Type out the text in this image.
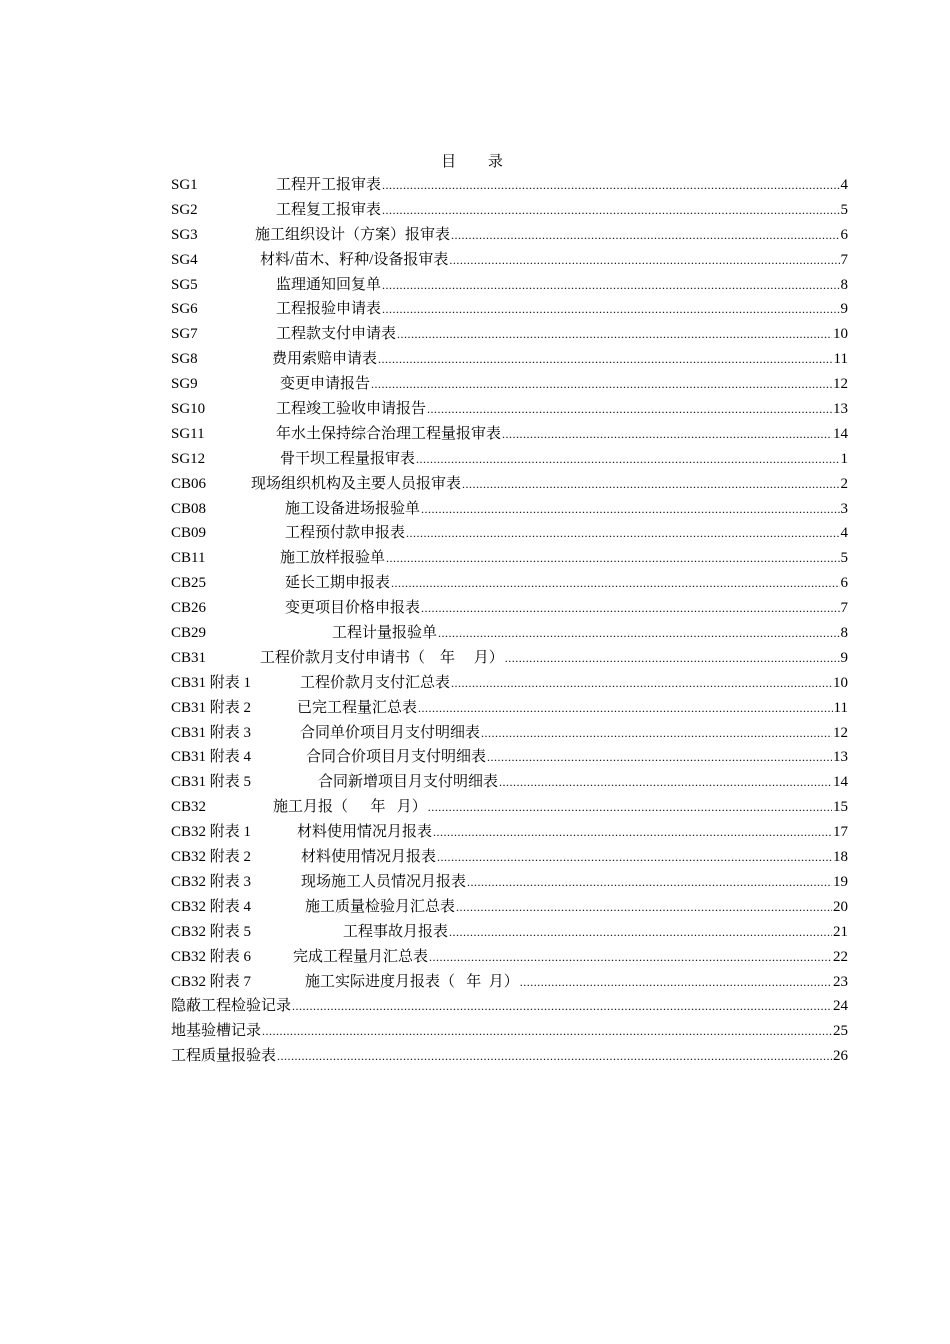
目 录
SG1	工程开工报审表 .....	4
SG2	工程复工报审表 .....	5
SG3	施工组织设计（方案）报审表 .....	6
SG4	材料/苗木、籽种/设备报审表 .....	7
SG5	监理通知回复单 .....	8
SG6	工程报验申请表 .....	9
SG7	工程款支付申请表 .....	10
SG8	费用索赔申请表 .....	11
SG9	变更申请报告 .....	12
SG10	工程竣工验收申请报告 .....	13
SG11	年水土保持综合治理工程量报审表 .....	14
SG12	骨干坝工程量报审表 .....	1
CB06	现场组织机构及主要人员报审表 .....	2
CB08	施工设备进场报验单 .....	3
CB09	工程预付款申报表 .....	4
CB11	施工放样报验单 .....	5
CB25	延长工期申报表 .....	6
CB26	变更项目价格申报表 .....	7
CB29	工程计量报验单 .....	8
CB31	工程价款月支付申请书（    年     月） .....	9
CB31 附表 1	工程价款月支付汇总表 .....	10
CB31 附表 2	已完工程量汇总表 .....	11
CB31 附表 3	合同单价项目月支付明细表 .....	12
CB31 附表 4	合同合价项目月支付明细表 .....	13
CB31 附表 5	合同新增项目月支付明细表 .....	14
CB32	施工月报（      年   月） .....	15
CB32 附表 1	材料使用情况月报表 .....	17
CB32 附表 2	材料使用情况月报表 .....	18
CB32 附表 3	现场施工人员情况月报表 .....	19
CB32 附表 4	施工质量检验月汇总表 .....	20
CB32 附表 5	工程事故月报表 .....	21
CB32 附表 6	完成工程量月汇总表 .....	22
CB32 附表 7	施工实际进度月报表（   年  月） .....	23
隐蔽工程检验记录 .....	24
地基验槽记录 .....	25
工程质量报验表 .....	26
